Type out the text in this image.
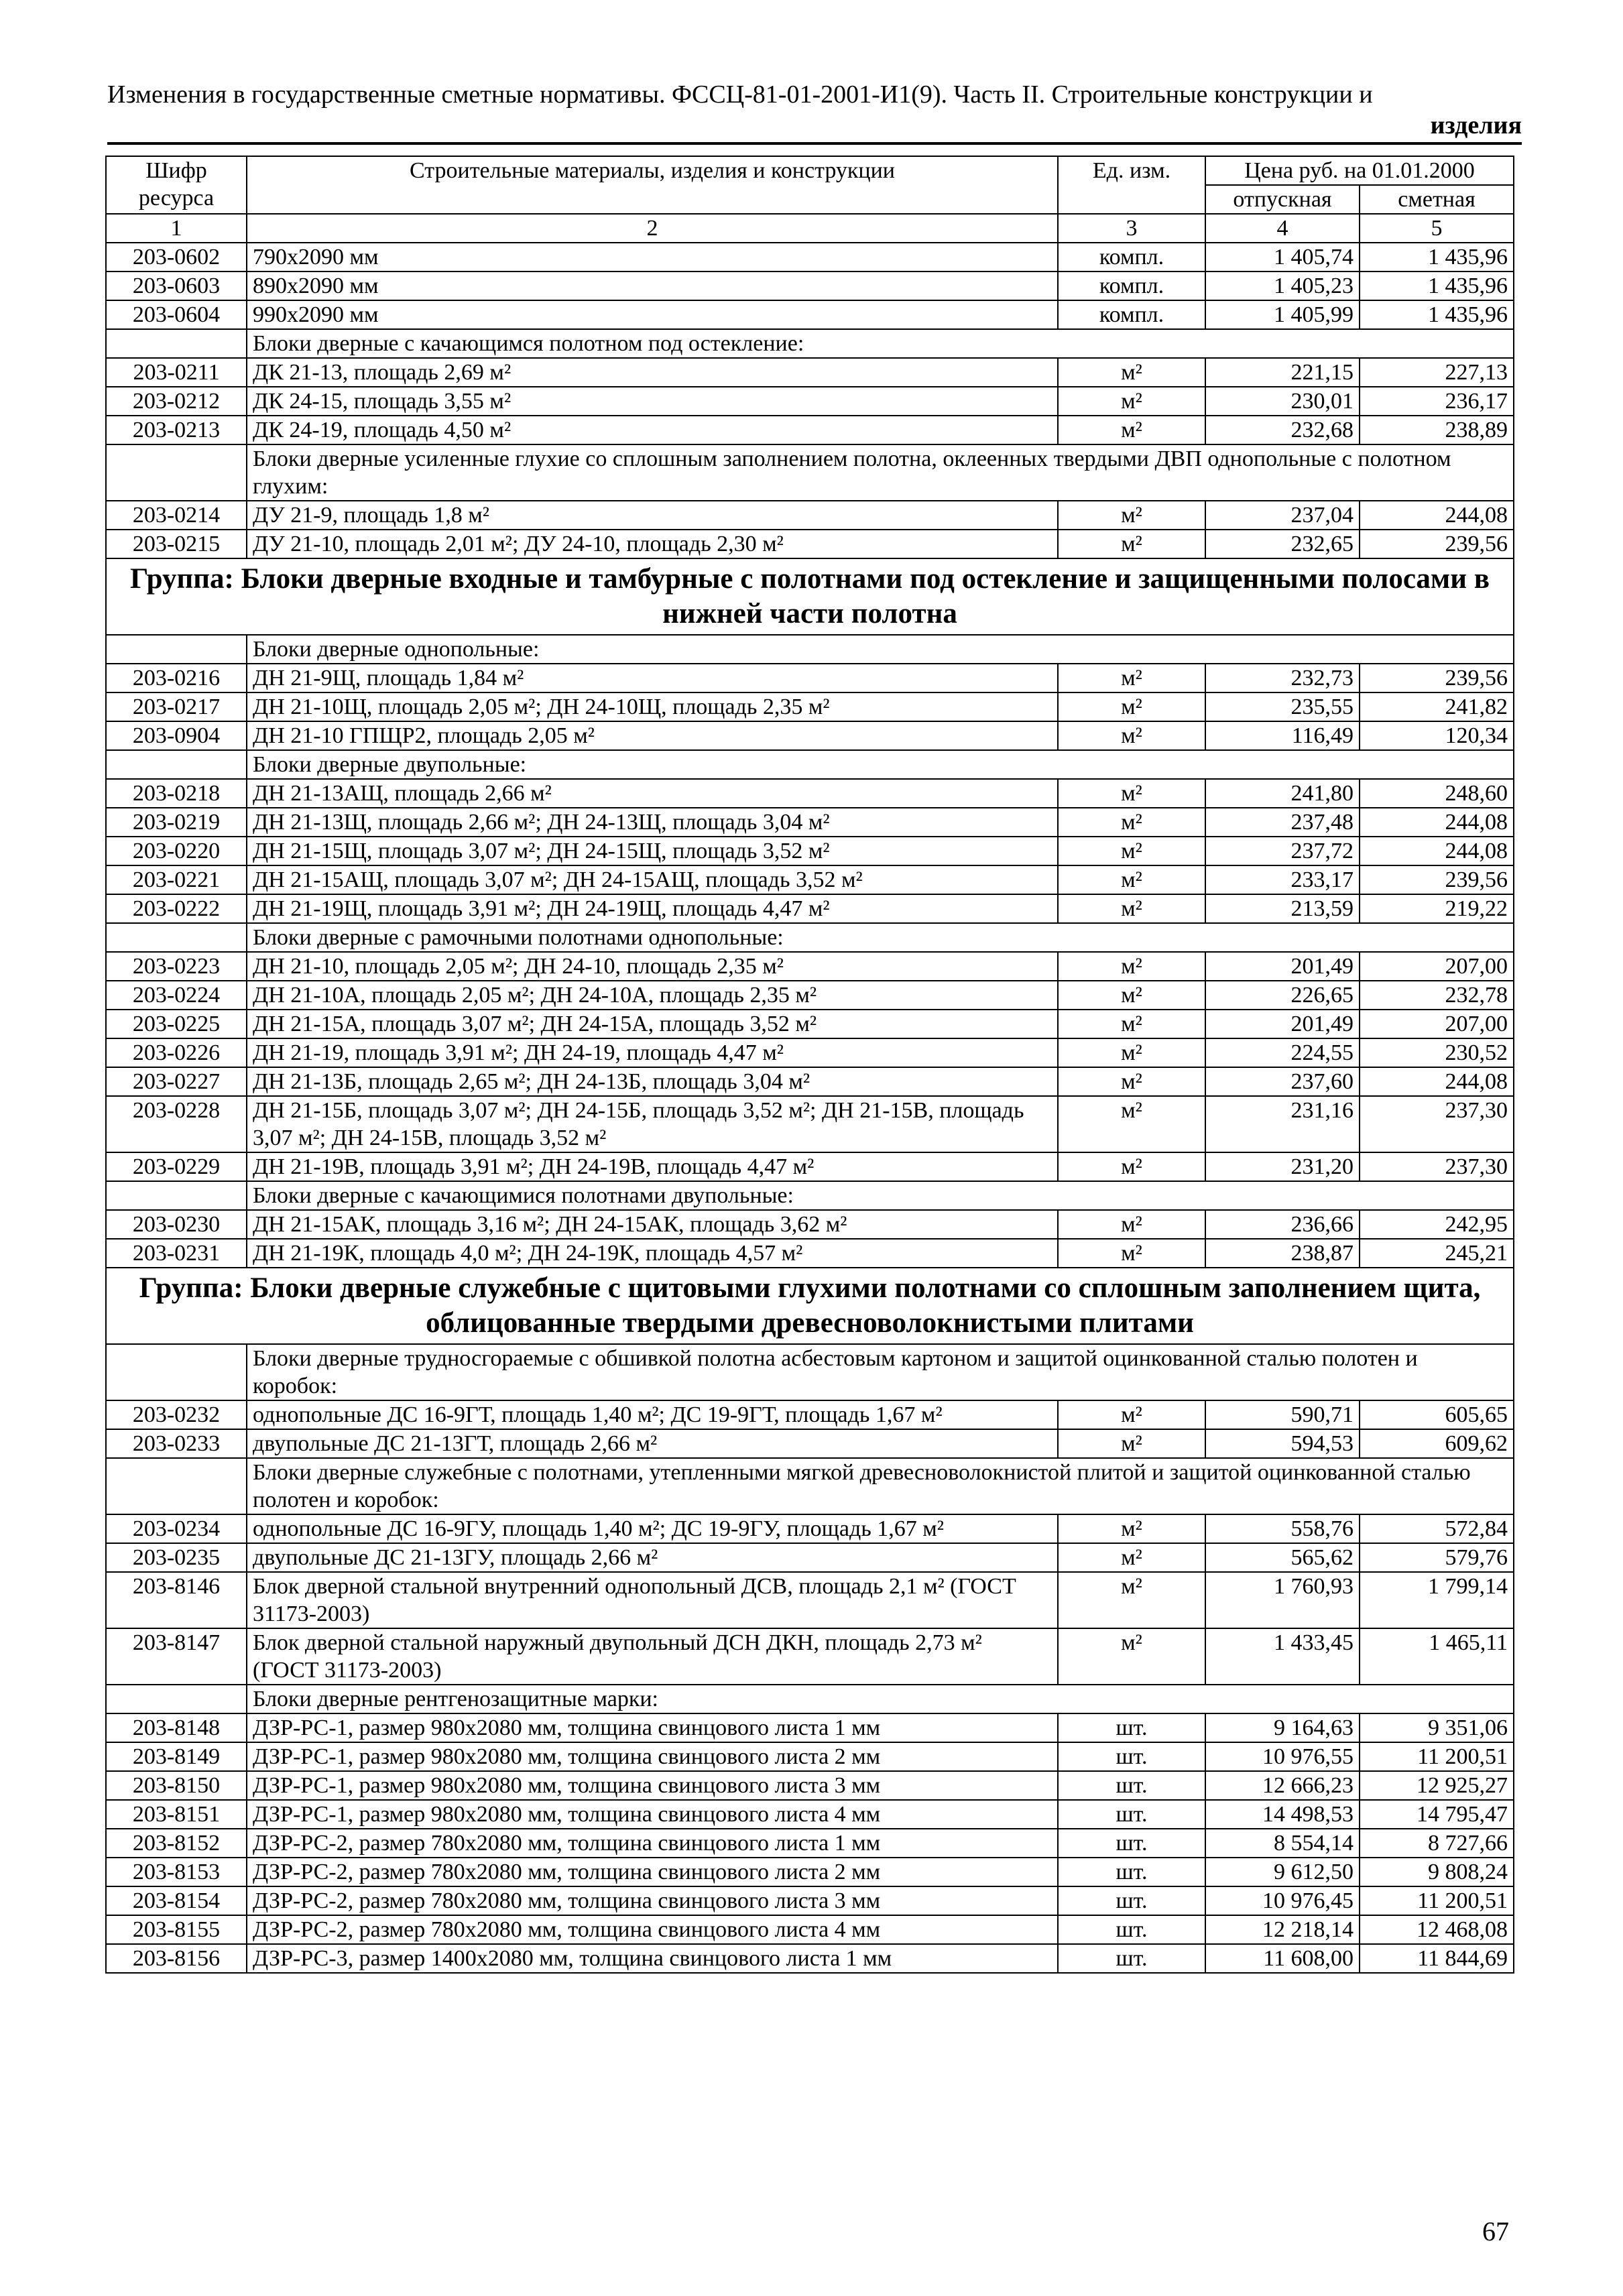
Изменения в государственные сметные нормативы. ФССЦ-81-01-2001-И1(9). Часть II. Строительные конструкции и
изделия
Шифр ресурса	Строительные материалы, изделия и конструкции	Ед. изм.	Цена руб. на 01.01.2000	
			отпускная	сметная
1	2	3	4	5
203-0602	790х2090 мм	компл.	1 405,74	1 435,96
203-0603	890х2090 мм	компл.	1 405,23	1 435,96
203-0604	990х2090 мм	компл.	1 405,99	1 435,96
	Блоки дверные с качающимся полотном под остекление:			
203-0211	ДК 21-13, площадь 2,69 м²	м²	221,15	227,13
203-0212	ДК 24-15, площадь 3,55 м²	м²	230,01	236,17
203-0213	ДК 24-19, площадь 4,50 м²	м²	232,68	238,89
	Блоки дверные усиленные глухие со сплошным заполнением полотна, оклеенных твердыми ДВП однопольные с полотном глухим:			
203-0214	ДУ 21-9, площадь 1,8 м²	м²	237,04	244,08
203-0215	ДУ 21-10, площадь 2,01 м²; ДУ 24-10, площадь 2,30 м²	м²	232,65	239,56
Группа: Блоки дверные входные и тамбурные с полотнами под остекление и защищенными полосами в нижней части полотна				
	Блоки дверные однопольные:			
203-0216	ДН 21-9Щ, площадь 1,84 м²	м²	232,73	239,56
203-0217	ДН 21-10Щ, площадь 2,05 м²; ДН 24-10Щ, площадь 2,35 м²	м²	235,55	241,82
203-0904	ДН 21-10 ГПЩР2, площадь 2,05 м²	м²	116,49	120,34
	Блоки дверные двупольные:			
203-0218	ДН 21-13АЩ, площадь 2,66 м²	м²	241,80	248,60
203-0219	ДН 21-13Щ, площадь 2,66 м²; ДН 24-13Щ, площадь 3,04 м²	м²	237,48	244,08
203-0220	ДН 21-15Щ, площадь 3,07 м²; ДН 24-15Щ, площадь 3,52 м²	м²	237,72	244,08
203-0221	ДН 21-15АЩ, площадь 3,07 м²; ДН 24-15АЩ, площадь 3,52 м²	м²	233,17	239,56
203-0222	ДН 21-19Щ, площадь 3,91 м²; ДН 24-19Щ, площадь 4,47 м²	м²	213,59	219,22
	Блоки дверные с рамочными полотнами однопольные:			
203-0223	ДН 21-10, площадь 2,05 м²; ДН 24-10, площадь 2,35 м²	м²	201,49	207,00
203-0224	ДН 21-10А, площадь 2,05 м²; ДН 24-10А, площадь 2,35 м²	м²	226,65	232,78
203-0225	ДН 21-15А, площадь 3,07 м²; ДН 24-15А, площадь 3,52 м²	м²	201,49	207,00
203-0226	ДН 21-19, площадь 3,91 м²; ДН 24-19, площадь 4,47 м²	м²	224,55	230,52
203-0227	ДН 21-13Б, площадь 2,65 м²; ДН 24-13Б, площадь 3,04 м²	м²	237,60	244,08
203-0228	ДН 21-15Б, площадь 3,07 м²; ДН 24-15Б, площадь 3,52 м²; ДН 21-15В, площадь 3,07 м²; ДН 24-15В, площадь 3,52 м²	м²	231,16	237,30
203-0229	ДН 21-19В, площадь 3,91 м²; ДН 24-19В, площадь 4,47 м²	м²	231,20	237,30
	Блоки дверные с качающимися полотнами двупольные:			
203-0230	ДН 21-15АК, площадь 3,16 м²; ДН 24-15АК, площадь 3,62 м²	м²	236,66	242,95
203-0231	ДН 21-19К, площадь 4,0 м²; ДН 24-19К, площадь 4,57 м²	м²	238,87	245,21
Группа: Блоки дверные служебные с щитовыми глухими полотнами со сплошным заполнением щита, облицованные твердыми древесноволокнистыми плитами				
	Блоки дверные трудносгораемые с обшивкой полотна асбестовым картоном и защитой оцинкованной сталью полотен и коробок:			
203-0232	однопольные ДС 16-9ГТ, площадь 1,40 м²; ДС 19-9ГТ, площадь 1,67 м²	м²	590,71	605,65
203-0233	двупольные ДС 21-13ГТ, площадь 2,66 м²	м²	594,53	609,62
	Блоки дверные служебные с полотнами, утепленными мягкой древесноволокнистой плитой и защитой оцинкованной сталью полотен и коробок:			
203-0234	однопольные ДС 16-9ГУ, площадь 1,40 м²; ДС 19-9ГУ, площадь 1,67 м²	м²	558,76	572,84
203-0235	двупольные ДС 21-13ГУ, площадь 2,66 м²	м²	565,62	579,76
203-8146	Блок дверной стальной внутренний однопольный ДСВ, площадь 2,1 м² (ГОСТ 31173-2003)	м²	1 760,93	1 799,14
203-8147	Блок дверной стальной наружный двупольный ДСН ДКН, площадь 2,73 м² (ГОСТ 31173-2003)	м²	1 433,45	1 465,11
	Блоки дверные рентгенозащитные марки:			
203-8148	ДЗР-РС-1, размер 980х2080 мм, толщина свинцового листа 1 мм	шт.	9 164,63	9 351,06
203-8149	ДЗР-РС-1, размер 980х2080 мм, толщина свинцового листа 2 мм	шт.	10 976,55	11 200,51
203-8150	ДЗР-РС-1, размер 980х2080 мм, толщина свинцового листа 3 мм	шт.	12 666,23	12 925,27
203-8151	ДЗР-РС-1, размер 980х2080 мм, толщина свинцового листа 4 мм	шт.	14 498,53	14 795,47
203-8152	ДЗР-РС-2, размер 780х2080 мм, толщина свинцового листа 1 мм	шт.	8 554,14	8 727,66
203-8153	ДЗР-РС-2, размер 780х2080 мм, толщина свинцового листа 2 мм	шт.	9 612,50	9 808,24
203-8154	ДЗР-РС-2, размер 780х2080 мм, толщина свинцового листа 3 мм	шт.	10 976,45	11 200,51
203-8155	ДЗР-РС-2, размер 780х2080 мм, толщина свинцового листа 4 мм	шт.	12 218,14	12 468,08
203-8156	ДЗР-РС-3, размер 1400х2080 мм, толщина свинцового листа 1 мм	шт.	11 608,00	11 844,69
67
